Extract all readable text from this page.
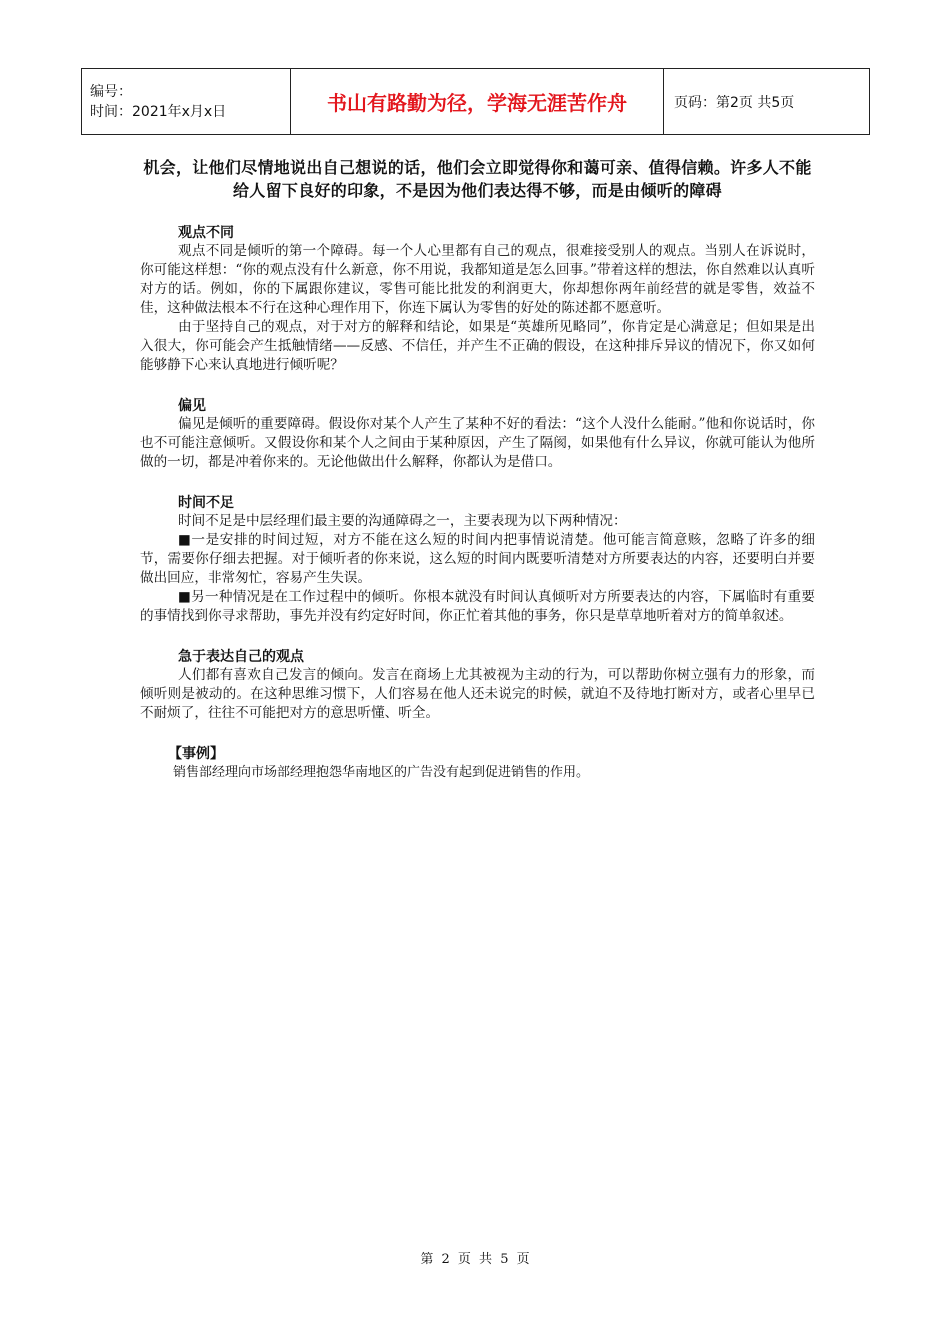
编号：
时间：2021年x月x日	书山有路勤为径，学海无涯苦作舟	页码：第2页 共5页

机会，让他们尽情地说出自己想说的话，他们会立即觉得你和蔼可亲、值得信赖。许多人不能给人留下良好的印象，不是因为他们表达得不够，而是由倾听的障碍

观点不同

观点不同是倾听的第一个障碍。每一个人心里都有自己的观点，很难接受别人的观点。当别人在诉说时，你可能这样想：“你的观点没有什么新意，你不用说，我都知道是怎么回事。”带着这样的想法，你自然难以认真听对方的话。例如，你的下属跟你建议，零售可能比批发的利润更大，你却想你两年前经营的就是零售，效益不佳，这种做法根本不行在这种心理作用下，你连下属认为零售的好处的陈述都不愿意听。

由于坚持自己的观点，对于对方的解释和结论，如果是“英雄所见略同”，你肯定是心满意足；但如果是出入很大，你可能会产生抵触情绪——反感、不信任，并产生不正确的假设，在这种排斥异议的情况下，你又如何能够静下心来认真地进行倾听呢？

偏见

偏见是倾听的重要障碍。假设你对某个人产生了某种不好的看法：“这个人没什么能耐。”他和你说话时，你也不可能注意倾听。又假设你和某个人之间由于某种原因，产生了隔阂，如果他有什么异议，你就可能认为他所做的一切，都是冲着你来的。无论他做出什么解释，你都认为是借口。

时间不足

时间不足是中层经理们最主要的沟通障碍之一，主要表现为以下两种情况：

■一是安排的时间过短，对方不能在这么短的时间内把事情说清楚。他可能言简意赅，忽略了许多的细节，需要你仔细去把握。对于倾听者的你来说，这么短的时间内既要听清楚对方所要表达的内容，还要明白并要做出回应，非常匆忙，容易产生失误。

■另一种情况是在工作过程中的倾听。你根本就没有时间认真倾听对方所要表达的内容，下属临时有重要的事情找到你寻求帮助，事先并没有约定好时间，你正忙着其他的事务，你只是草草地听着对方的简单叙述。

急于表达自己的观点

人们都有喜欢自己发言的倾向。发言在商场上尤其被视为主动的行为，可以帮助你树立强有力的形象，而倾听则是被动的。在这种思维习惯下，人们容易在他人还未说完的时候，就迫不及待地打断对方，或者心里早已不耐烦了，往往不可能把对方的意思听懂、听全。

【事例】

销售部经理向市场部经理抱怨华南地区的广告没有起到促进销售的作用。

第 2 页 共 5 页
